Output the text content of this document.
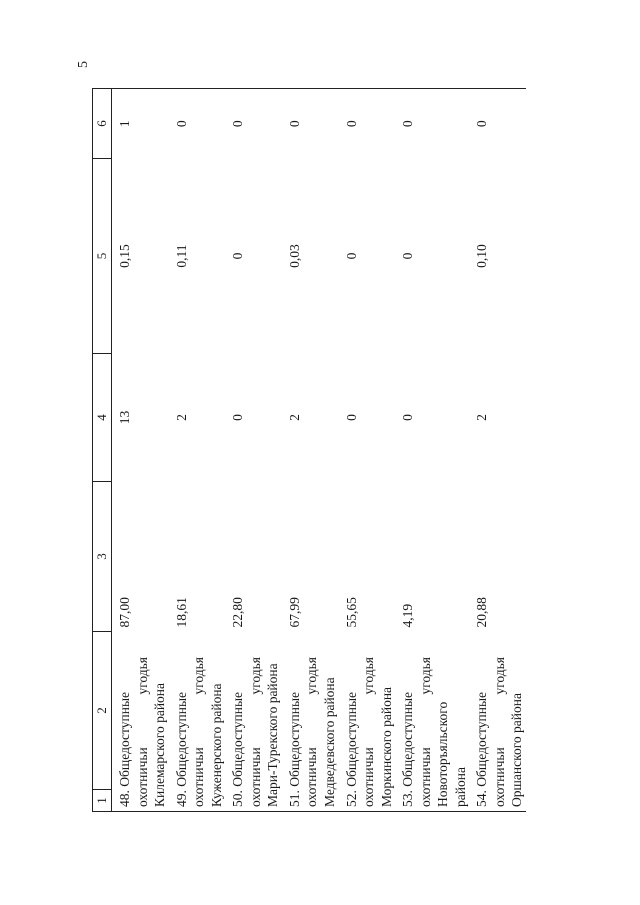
5
1	2	3	4	5	6

48. Общедоступные охотничьи
угодья
Килемарского района		87,00	13	0,15	1

49. Общедоступные охотничьи
угодья
Куженерского района		18,61	2	0,11	0

50. Общедоступные охотничьи
угодья Мари-Турекского района		22,80	0	0	0

51. Общедоступные охотничьи
угодья
Медведевского района		67,99	2	0,03	0

52. Общедоступные охотничьи
угодья
Моркинского района		55,65	0	0	0

53. Общедоступные охотничьи
угодья
Новоторъяльского района		4,19	0	0	0

54. Общедоступные охотничьи
угодья
Оршанского района		20,88	2	0,10	0
